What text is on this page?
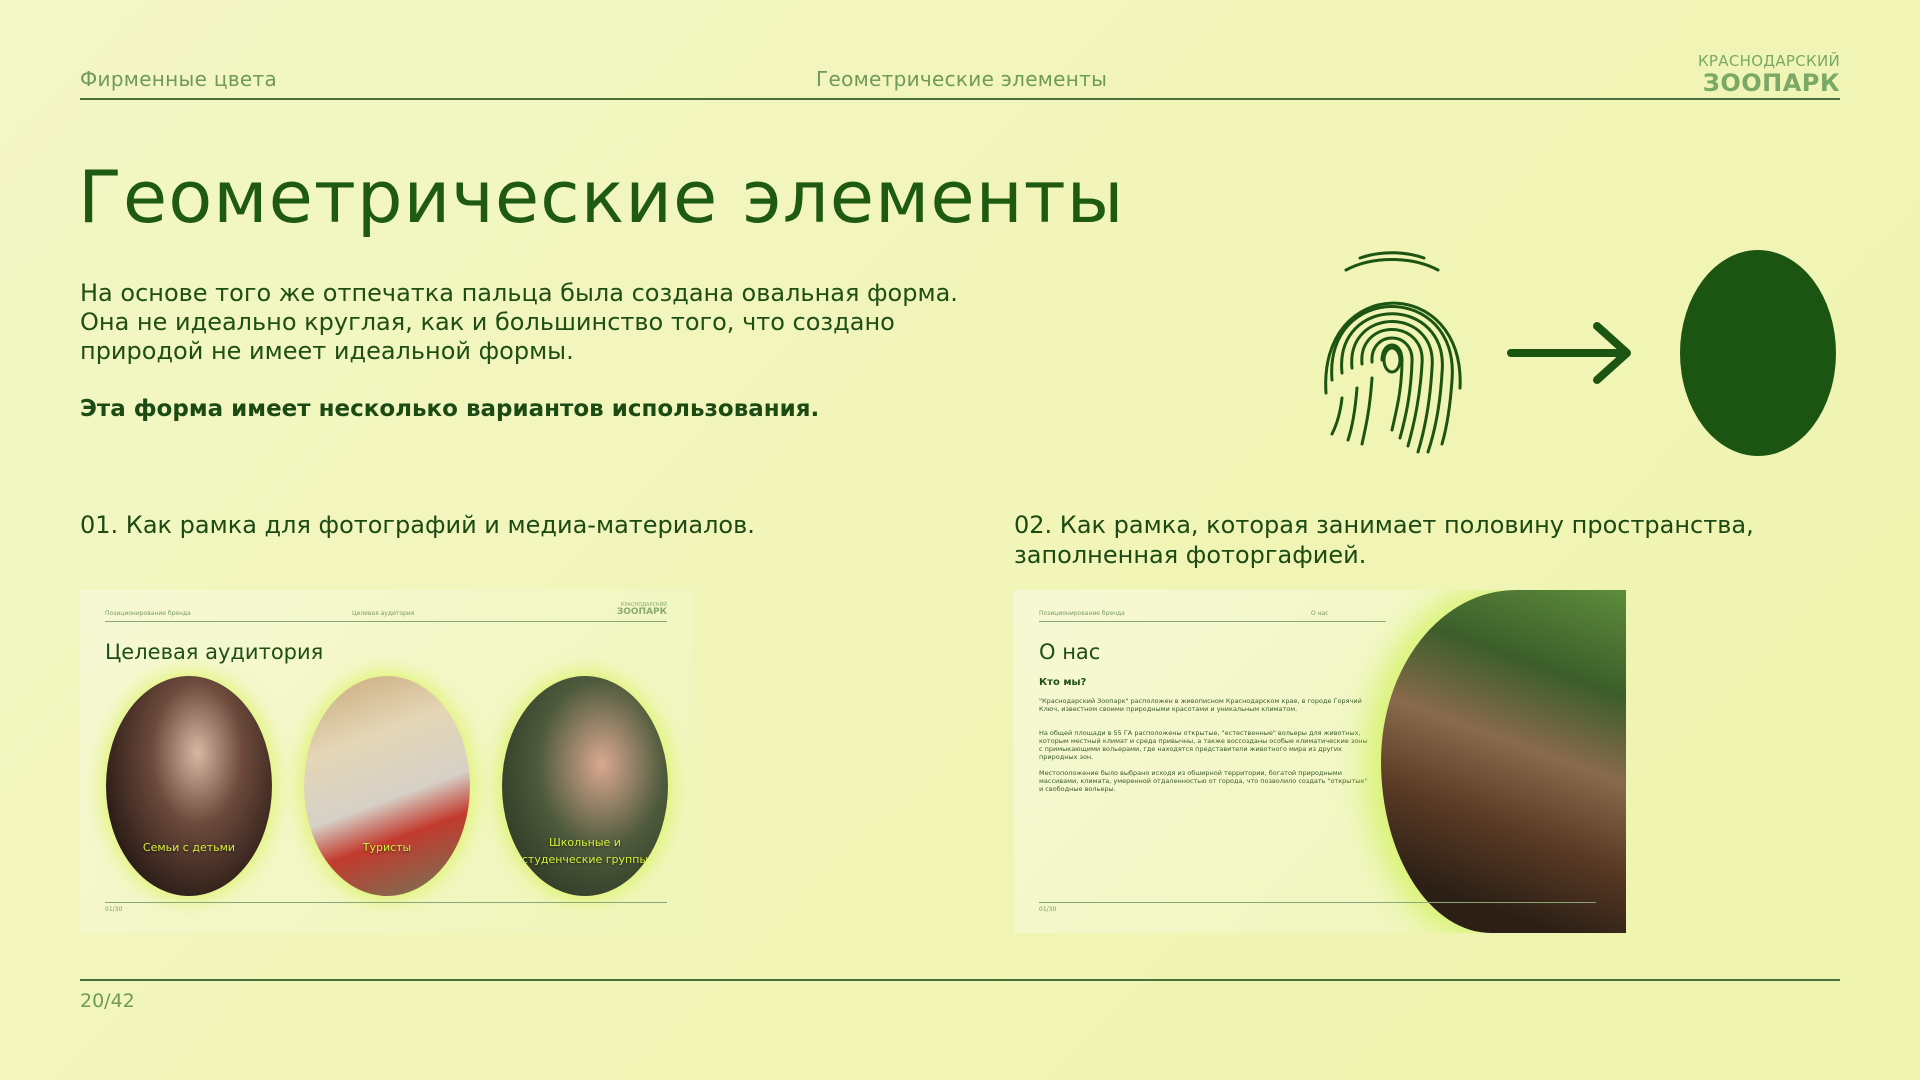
Фирменные цвета	Геометрические элементы
КРАСНОДАРСКИЙ
ЗООПАРК
Геометрические элементы

На основе того же отпечатка пальца была создана овальная форма.

Она не идеально круглая, как и большинство того, что создано

природой не имеет идеальной формы.

Эта форма имеет несколько вариантов использования.
01. Как рамка для фотографий и медиа-материалов.	02. Как рамка, которая занимает половину пространства, заполненная фоторгафией.
Позиционирование бренда	Целевая аудитория
КРАСНОДАРСКИЙ
ЗООПАРК
Целевая аудитория
Семьи с детьми	Туристы	Школьные и студенческие группы
01/30
Позиционирование бренда	О нас
О нас
Кто мы?
"Краснодарский Зоопарк" расположен в живописном Краснодарском крае, в городе Горячий Ключ, известном своими природными красотами и уникальным климатом.
На общей площади в 55 ГА расположены открытые, "естественные" вольеры для животных, которым местный климат и среда привычны, а также воссозданы особые климатические зоны с примыкающими вольерами, где находятся представители животного мира из других природных зон.
Местоположение было выбрано исходя из обширной территории, богатой природными массивами, климата, умеренной отдаленностью от города, что позволило создать "открытые" и свободные вольеры.
01/30
20/42
